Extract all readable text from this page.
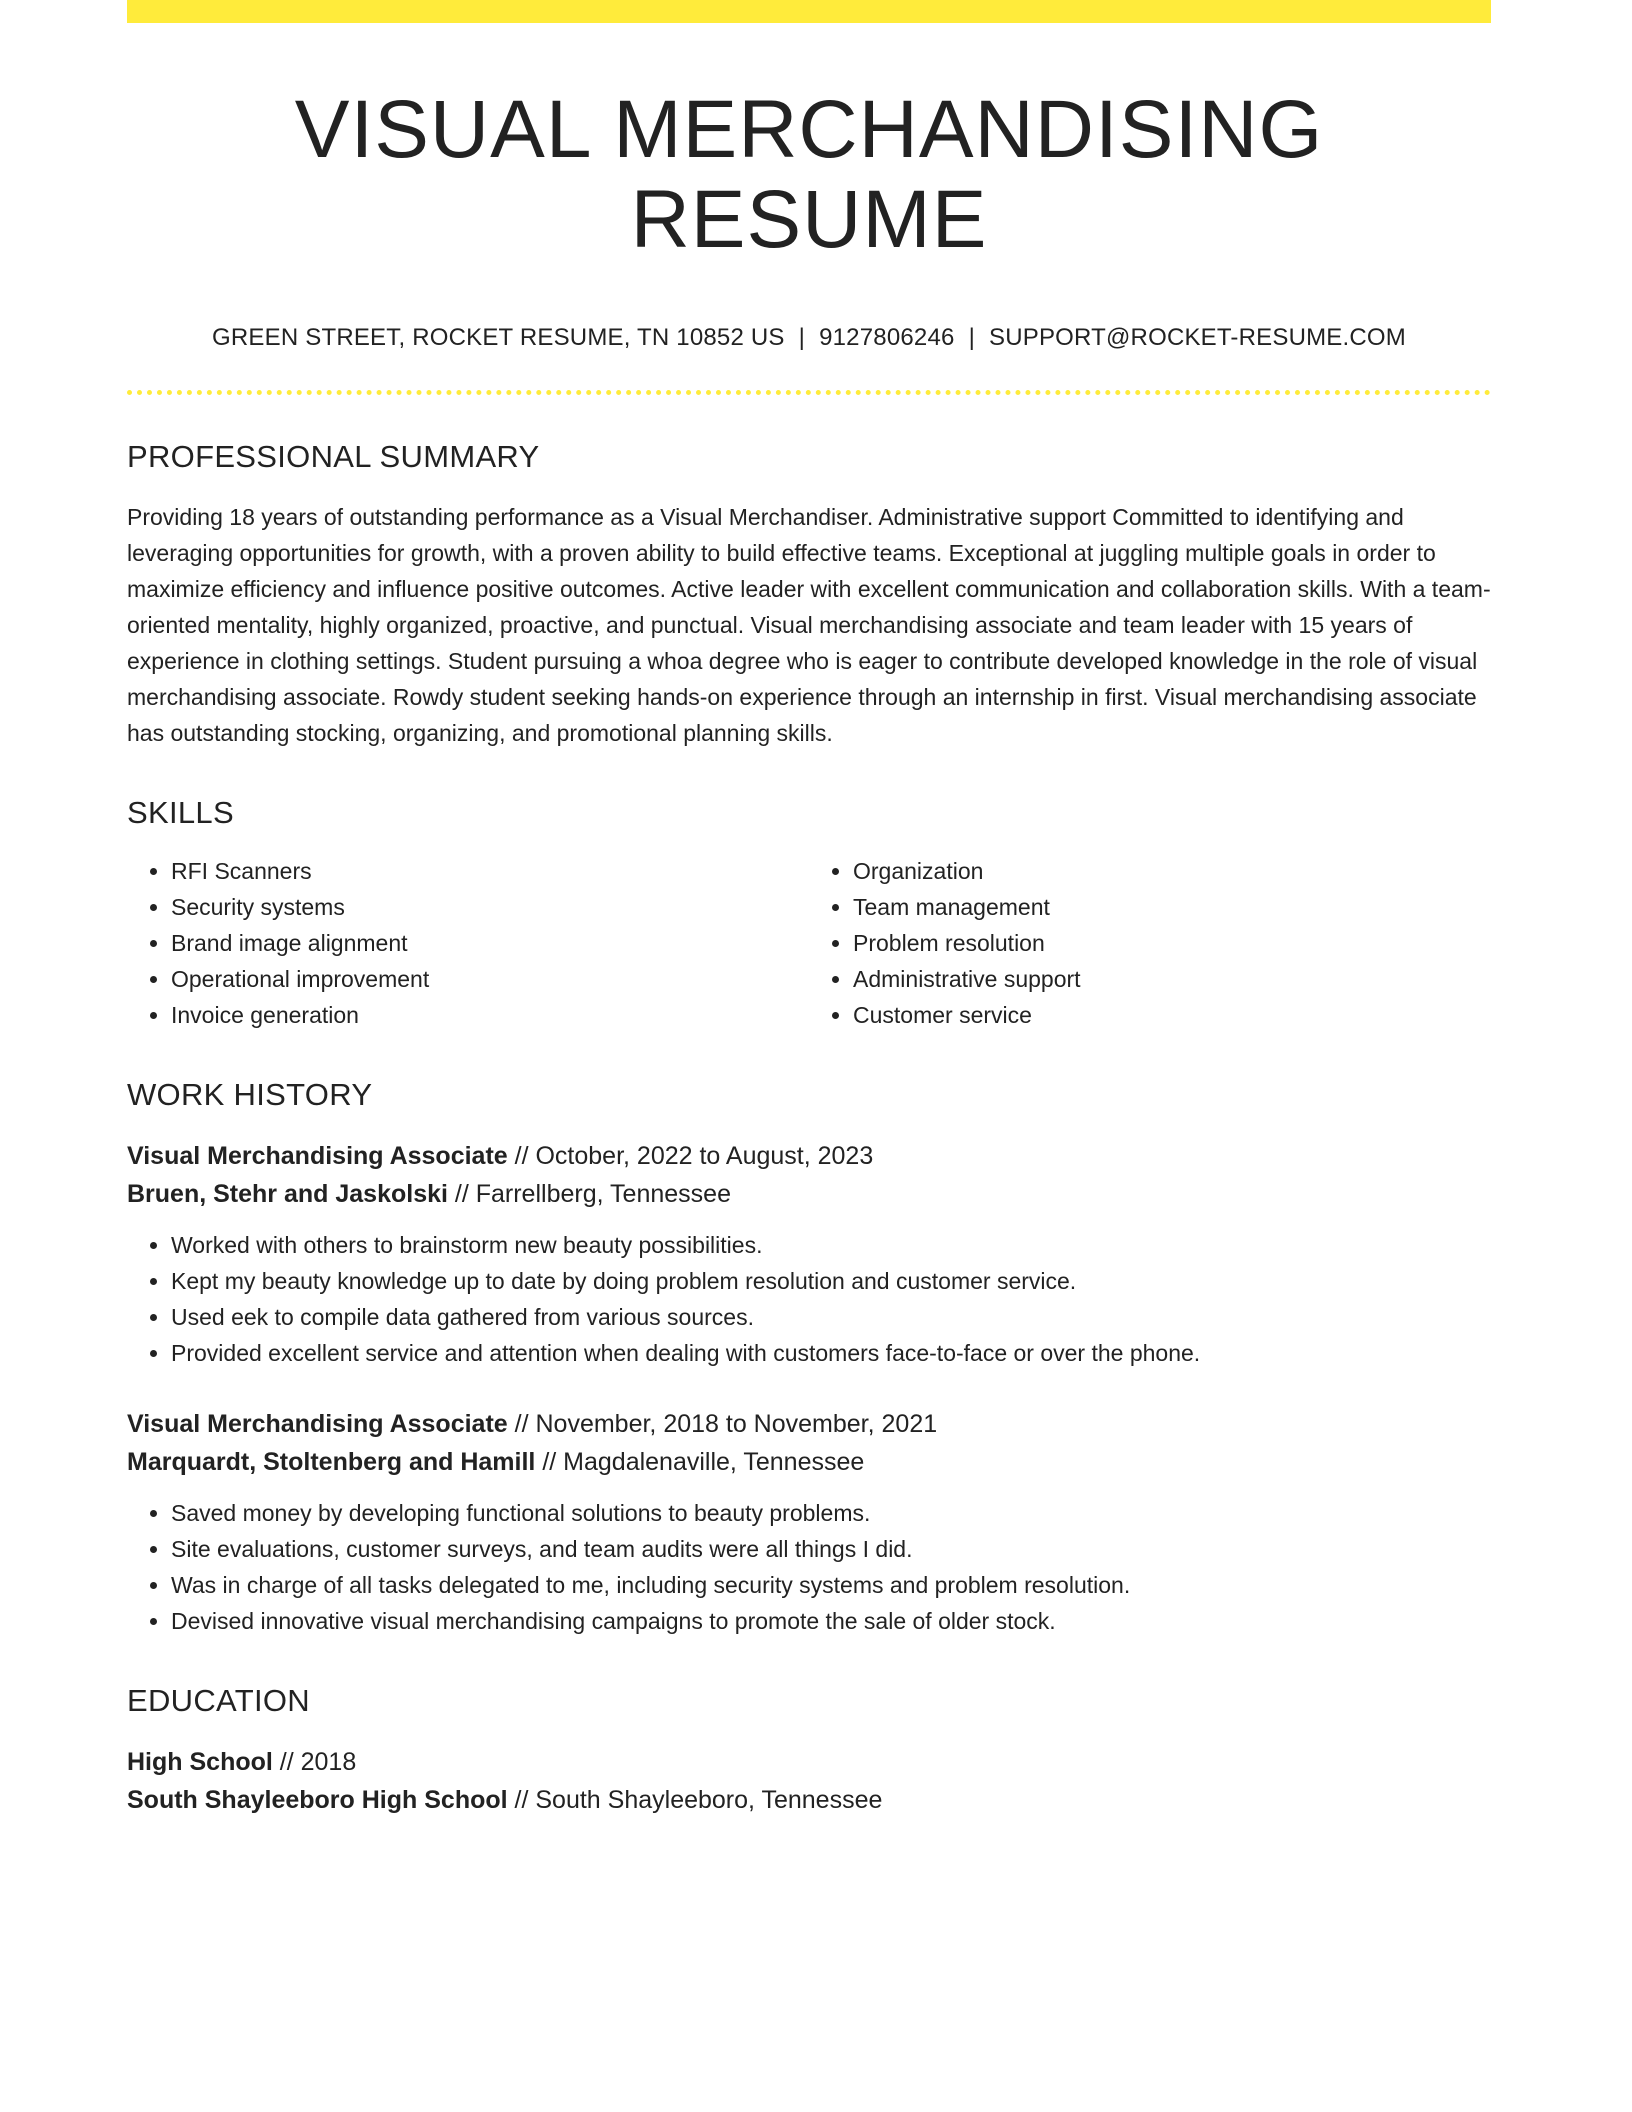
VISUAL MERCHANDISING RESUME
GREEN STREET, ROCKET RESUME, TN 10852 US | 9127806246 | SUPPORT@ROCKET-RESUME.COM
PROFESSIONAL SUMMARY
Providing 18 years of outstanding performance as a Visual Merchandiser. Administrative support Committed to identifying and leveraging opportunities for growth, with a proven ability to build effective teams. Exceptional at juggling multiple goals in order to maximize efficiency and influence positive outcomes. Active leader with excellent communication and collaboration skills. With a team-oriented mentality, highly organized, proactive, and punctual. Visual merchandising associate and team leader with 15 years of experience in clothing settings. Student pursuing a whoa degree who is eager to contribute developed knowledge in the role of visual merchandising associate. Rowdy student seeking hands-on experience through an internship in first. Visual merchandising associate has outstanding stocking, organizing, and promotional planning skills.
SKILLS
• RFI Scanners
• Security systems
• Brand image alignment
• Operational improvement
• Invoice generation
• Organization
• Team management
• Problem resolution
• Administrative support
• Customer service
WORK HISTORY
Visual Merchandising Associate // October, 2022 to August, 2023
Bruen, Stehr and Jaskolski // Farrellberg, Tennessee
• Worked with others to brainstorm new beauty possibilities.
• Kept my beauty knowledge up to date by doing problem resolution and customer service.
• Used eek to compile data gathered from various sources.
• Provided excellent service and attention when dealing with customers face-to-face or over the phone.
Visual Merchandising Associate // November, 2018 to November, 2021
Marquardt, Stoltenberg and Hamill // Magdalenaville, Tennessee
• Saved money by developing functional solutions to beauty problems.
• Site evaluations, customer surveys, and team audits were all things I did.
• Was in charge of all tasks delegated to me, including security systems and problem resolution.
• Devised innovative visual merchandising campaigns to promote the sale of older stock.
EDUCATION
High School // 2018
South Shayleeboro High School // South Shayleeboro, Tennessee
